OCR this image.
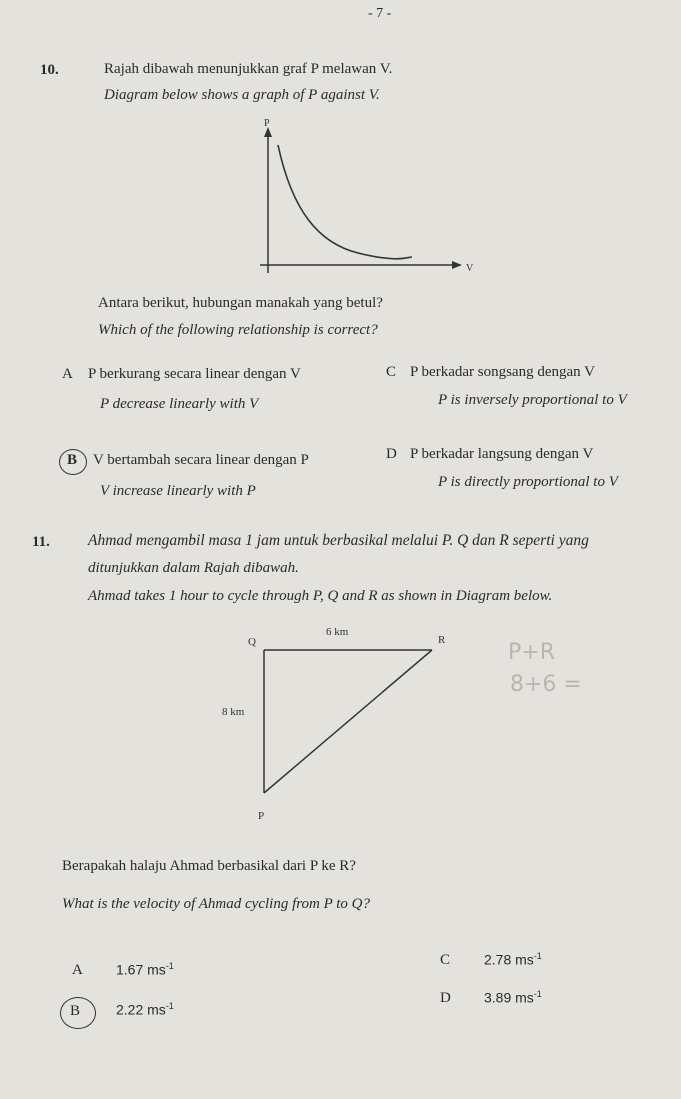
- 7 -
10.	Rajah dibawah menunjukkan graf P melawan V.
Diagram below shows a graph of P against V.
P
V
Antara berikut, hubungan manakah yang betul?
Which of the following relationship is correct?
A P berkurang secara linear dengan V
P decrease linearly with V
B V bertambah secara linear dengan P
V increase linearly with P
C P berkadar songsang dengan V
P is inversely proportional to V
D P berkadar langsung dengan V
P is directly proportional to V
11. Ahmad mengambil masa 1 jam untuk berbasikal melalui P. Q dan R seperti yang
ditunjukkan dalam Rajah dibawah.
Ahmad takes 1 hour to cycle through P, Q and R as shown in Diagram below.
Q	R
P
6 km
8 km
P+R
8+6 =
Berapakah halaju Ahmad berbasikal dari P ke R?
What is the velocity of Ahmad cycling from P to Q?
A 1.67 $ms^{-1}$
B	2.22 $ms^{-1}$
C 2.78 $ms^{-1}$
D 3.89 $ms^{-1}$
